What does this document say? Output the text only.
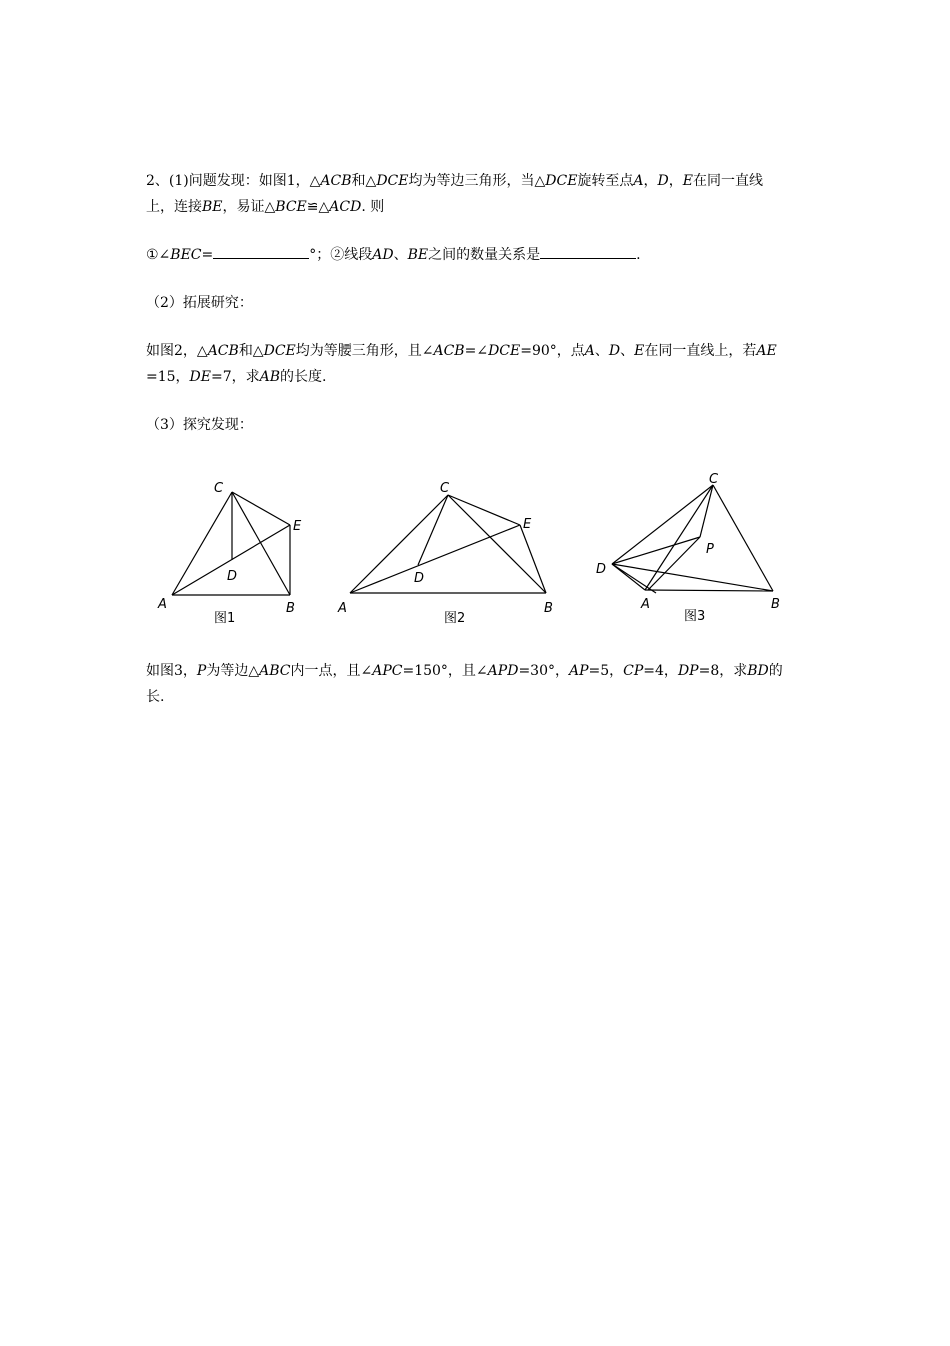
2、(1)问题发现：如图1，△ACB和△DCE均为等边三角形，当△DCE旋转至点A，D，E在同一直线

上，连接BE，易证△BCE≌△ACD. 则

①∠BEC=	°；②线段AD、BE之间的数量关系是	.

（2）拓展研究：

如图2，△ACB和△DCE均为等腰三角形，且∠ACB=∠DCE=90°，点A、D、E在同一直线上，若AE

=15，DE=7，求AB的长度.

（3）探究发现：

A	B
C
D
E
图1
A	B
C
D
E
图2
D
A	B
C
P
图3

如图3，P为等边△ABC内一点，且∠APC=150°，且∠APD=30°，AP=5，CP=4，DP=8，求BD的

长.
